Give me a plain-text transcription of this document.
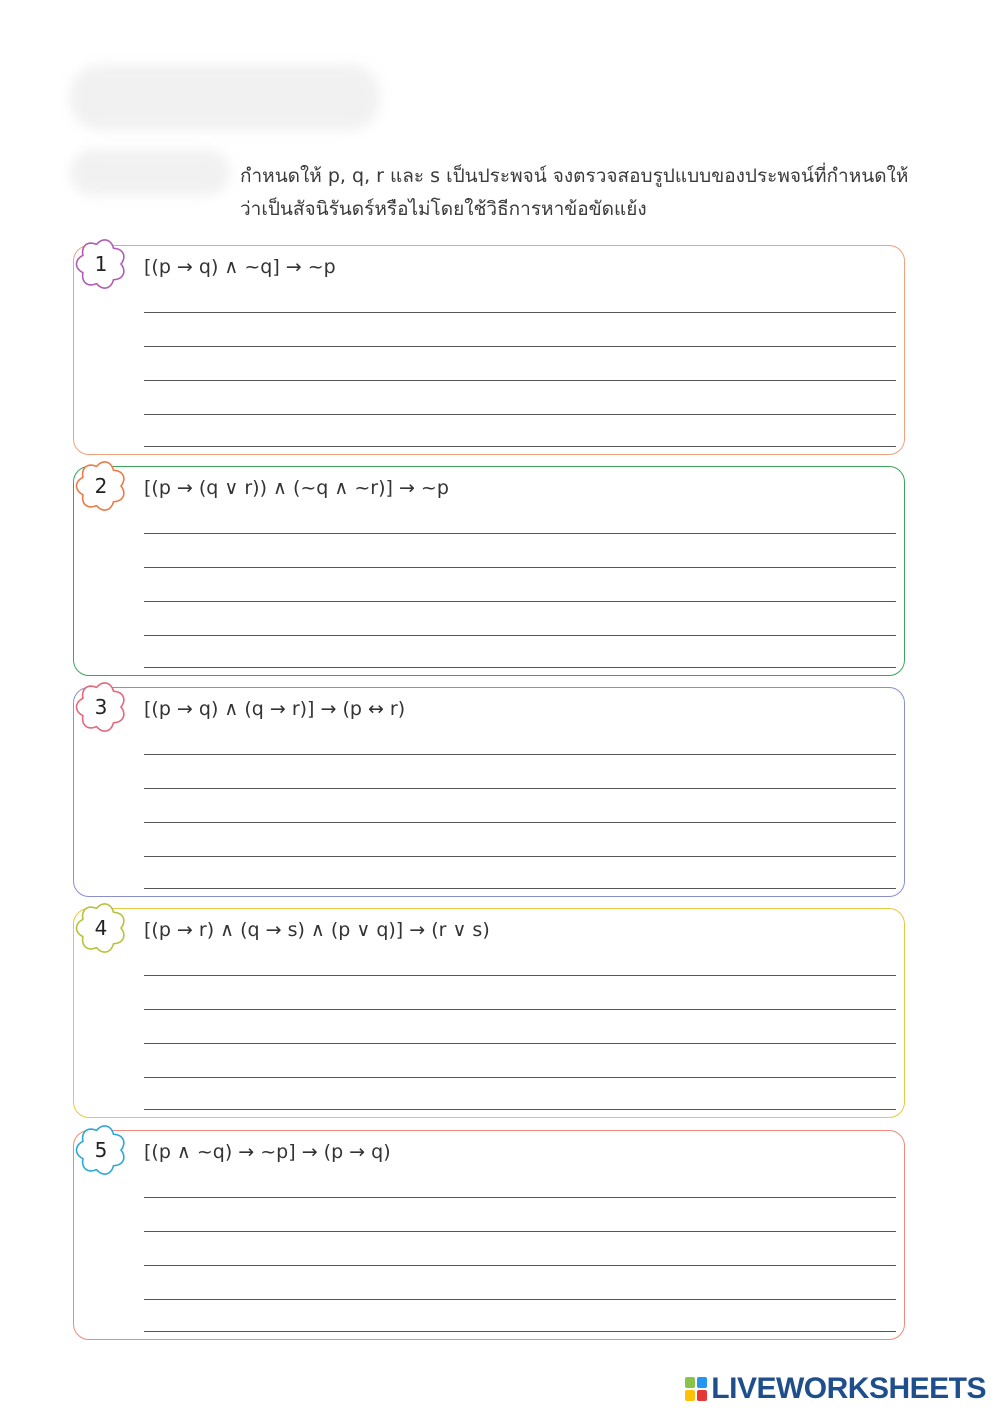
กำหนดให้ p, q, r และ s เป็นประพจน์ จงตรวจสอบรูปแบบของประพจน์ที่กำหนดให้
ว่าเป็นสัจนิรันดร์หรือไม่โดยใช้วิธีการหาข้อขัดแย้ง
[(p → q) ∧ ~q] → ~p
[(p → (q ∨ r)) ∧ (~q ∧ ~r)] → ~p
[(p → q) ∧ (q → r)] → (p ↔ r)
[(p → r) ∧ (q → s) ∧ (p ∨ q)] → (r ∨ s)
[(p ∧ ~q) → ~p] → (p → q)
1
2
3
4
5
LIVEWORKSHEETS
